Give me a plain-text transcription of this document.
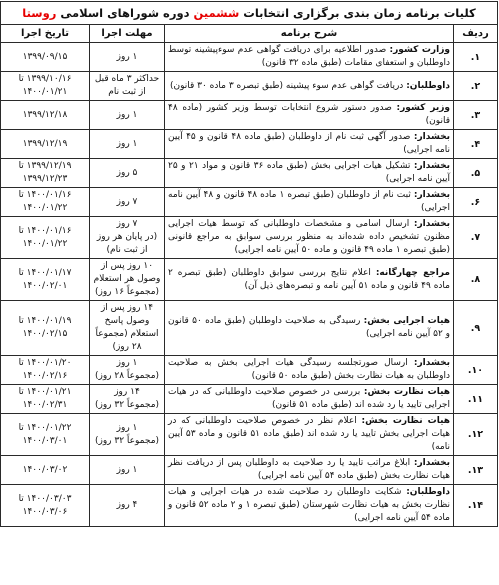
کلیات برنامه زمان بندی برگزاری انتخابات ششمین دوره شوراهای اسلامی روستا			
ردیف	شرح برنامه	مهلت اجرا	تاریخ اجرا
۱.	وزارت کشور: صدور اطلاعیه برای دریافت گواهی عدم سوءپیشینه توسط داوطلبان و استعفای مقامات (طبق ماده ۳۲ قانون)	۱ روز	۱۳۹۹/۰۹/۱۵
۲.	داوطلبان: دریافت گواهی عدم سوء پیشینه (طبق تبصره ۳ ماده ۳۰ قانون)	حداکثر ۳ ماه قبل
از ثبت نام	۱۳۹۹/۱۰/۱۶ تا
۱۴۰۰/۰۱/۲۱
۳.	وزیر کشور: صدور دستور شروع انتخابات توسط وزیر کشور (ماده ۴۸ قانون)	۱ روز	۱۳۹۹/۱۲/۱۸
۴.	بخشدار: صدور آگهی ثبت نام از داوطلبان (طبق ماده ۴۸ قانون و ۴۵ آیین نامه اجرایی)	۱ روز	۱۳۹۹/۱۲/۱۹
۵.	بخشدار: تشکیل هیات اجرایی بخش (طبق ماده ۳۶ قانون و مواد ۲۱ و ۲۵ آیین نامه اجرایی)	۵ روز	۱۳۹۹/۱۲/۱۹ تا
۱۳۹۹/۱۲/۲۳
۶.	بخشدار: ثبت نام از داوطلبان (طبق تبصره ۱ ماده ۴۸ قانون و ۴۸ آیین نامه اجرایی)	۷ روز	۱۴۰۰/۰۱/۱۶ تا
۱۴۰۰/۰۱/۲۲
۷.	بخشدار: ارسال اسامی و مشخصات داوطلبانی که توسط هیات اجرایی مظنون تشخیص داده شده‌اند به منظور بررسی سوابق به مراجع قانونی (طبق تبصره ۱ ماده ۴۹ قانون و ماده ۵۰ آیین نامه اجرایی)	۷ روز
(در پایان هر روز از ثبت نام)	۱۴۰۰/۰۱/۱۶ تا
۱۴۰۰/۰۱/۲۲
۸.	مراجع چهارگانه: اعلام نتایج بررسی سوابق داوطلبان (طبق تبصره ۲ ماده ۴۹ قانون و ماده ۵۱ آیین نامه و تبصره‌های ذیل آن)	۱۰ روز پس از وصول هر استعلام (مجموعاً ۱۶ روز)	۱۴۰۰/۰۱/۱۷ تا
۱۴۰۰/۰۲/۰۱
۹.	هیات اجرایی بخش: رسیدگی به صلاحیت داوطلبان (طبق ماده ۵۰ قانون و ۵۲ آیین نامه اجرایی)	۱۴ روز پس از وصول پاسخ استعلام (مجموعاً ۲۸ روز)	۱۴۰۰/۰۱/۱۹ تا
۱۴۰۰/۰۲/۱۵
۱۰.	بخشدار: ارسال صورتجلسه رسیدگی هیات اجرایی بخش به صلاحیت داوطلبان به هیات نظارت بخش (طبق ماده ۵۰ قانون)	۱ روز
(مجموعاً ۲۸ روز)	۱۴۰۰/۰۱/۲۰ تا
۱۴۰۰/۰۲/۱۶
۱۱.	هیات نظارت بخش: بررسی در خصوص صلاحیت داوطلبانی که در هیات اجرایی تایید یا رد شده اند (طبق ماده ۵۱ قانون)	۱۴ روز
(مجموعاً ۳۲ روز)	۱۴۰۰/۰۱/۲۱ تا
۱۴۰۰/۰۲/۳۱
۱۲.	هیات نظارت بخش: اعلام نظر در خصوص صلاحیت داوطلبانی که در هیات اجرایی بخش تایید یا رد شده اند (طبق ماده ۵۱ قانون و ماده ۵۳ آیین نامه)	۱ روز
(مجموعاً ۳۲ روز)	۱۴۰۰/۰۱/۲۲ تا
۱۴۰۰/۰۳/۰۱
۱۳.	بخشدار: ابلاغ مراتب تایید یا رد صلاحیت به داوطلبان پس از دریافت نظر هیات نظارت بخش (طبق ماده ۵۴ آیین نامه اجرایی)	۱ روز	۱۴۰۰/۰۳/۰۲
۱۴.	داوطلبان: شکایت داوطلبان رد صلاحیت شده در هیات اجرایی و هیات نظارت بخش به هیات نظارت شهرستان (طبق تبصره ۱ و ۲ ماده ۵۲ قانون و ماده ۵۴ آیین نامه اجرایی)	۴ روز	۱۴۰۰/۰۳/۰۳ تا
۱۴۰۰/۰۳/۰۶
